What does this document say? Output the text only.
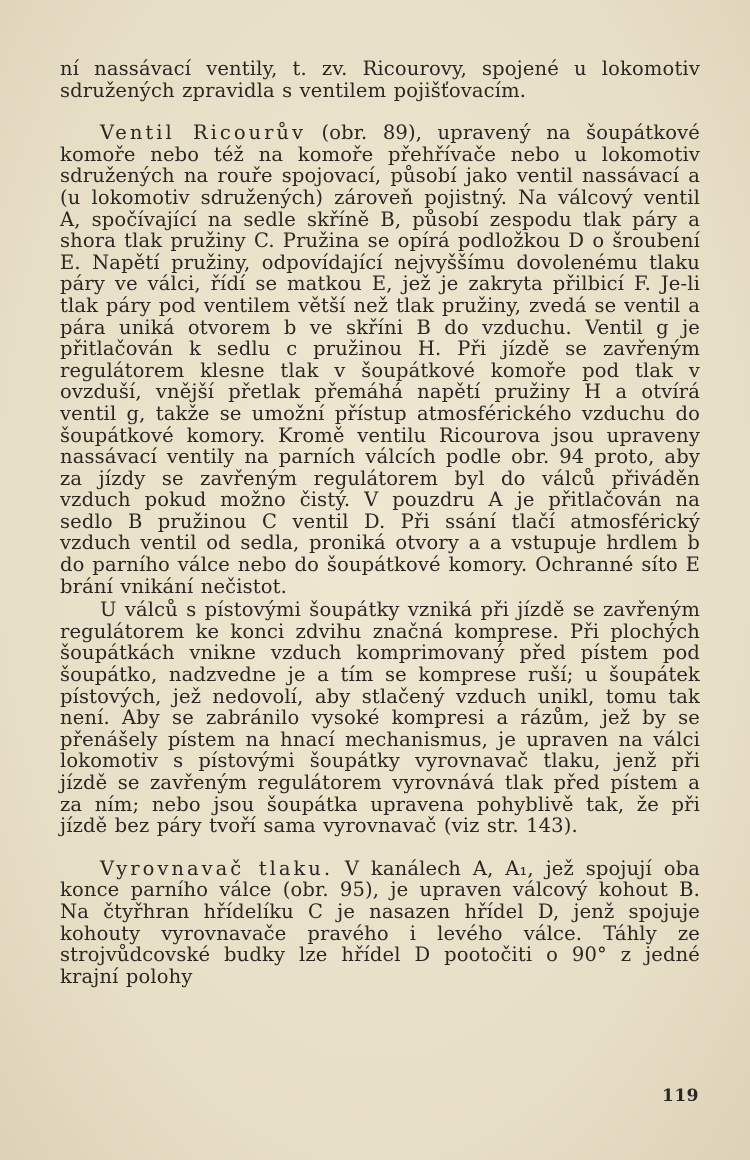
ní nassávací ventily, t. zv. Ricourovy, spojené u lokomotiv sdružených zpravidla s ventilem pojišťovacím.

Ventil Ricourův (obr. 89), upravený na šoupátkové komoře nebo též na komoře přehřívače nebo u lokomotiv sdružených na rouře spojovací, působí jako ventil nassávací a (u lokomotiv sdružených) zároveň pojistný. Na válcový ventil A, spočívající na sedle skříně B, působí zespodu tlak páry a shora tlak pružiny C. Pružina se opírá podložkou D o šroubení E. Napětí pružiny, odpovídající nejvyššímu dovolenému tlaku páry ve válci, řídí se matkou E, jež je zakryta přilbicí F. Je-li tlak páry pod ventilem větší než tlak pružiny, zvedá se ventil a pára uniká otvorem b ve skříni B do vzduchu. Ventil g je přitlačován k sedlu c pružinou H. Při jízdě se zavřeným regulátorem klesne tlak v šoupátkové komoře pod tlak v ovzduší, vnější přetlak přemáhá napětí pružiny H a otvírá ventil g, takže se umožní přístup atmosférického vzduchu do šoupátkové komory. Kromě ventilu Ricourova jsou upraveny nassávací ventily na parních válcích podle obr. 94 proto, aby za jízdy se zavřeným regulátorem byl do válců přiváděn vzduch pokud možno čistý. V pouzdru A je přitlačován na sedlo B pružinou C ventil D. Při ssání tlačí atmosférický vzduch ventil od sedla, proniká otvory a a vstupuje hrdlem b do parního válce nebo do šoupátkové komory. Ochranné síto E brání vnikání nečistot.

U válců s pístovými šoupátky vzniká při jízdě se zavřeným regulátorem ke konci zdvihu značná komprese. Při plochých šoupátkách vnikne vzduch komprimovaný před pístem pod šoupátko, nadzvedne je a tím se komprese ruší; u šoupátek pístových, jež nedovolí, aby stlačený vzduch unikl, tomu tak není. Aby se zabránilo vysoké kompresi a rázům, jež by se přenášely pístem na hnací mechanismus, je upraven na válci lokomotiv s pístovými šoupátky vyrovnavač tlaku, jenž při jízdě se zavřeným regulátorem vyrovnává tlak před pístem a za ním; nebo jsou šoupátka upravena pohyblivě tak, že při jízdě bez páry tvoří sama vyrovnavač (viz str. 143).

Vyrovnavač tlaku. V kanálech A, A₁, jež spojují oba konce parního válce (obr. 95), je upraven válcový kohout B. Na čtyřhran hřídelíku C je nasazen hřídel D, jenž spojuje kohouty vyrovnavače pravého i levého válce. Táhly ze strojvůdcovské budky lze hřídel D pootočiti o 90° z jedné krajní polohy

119
